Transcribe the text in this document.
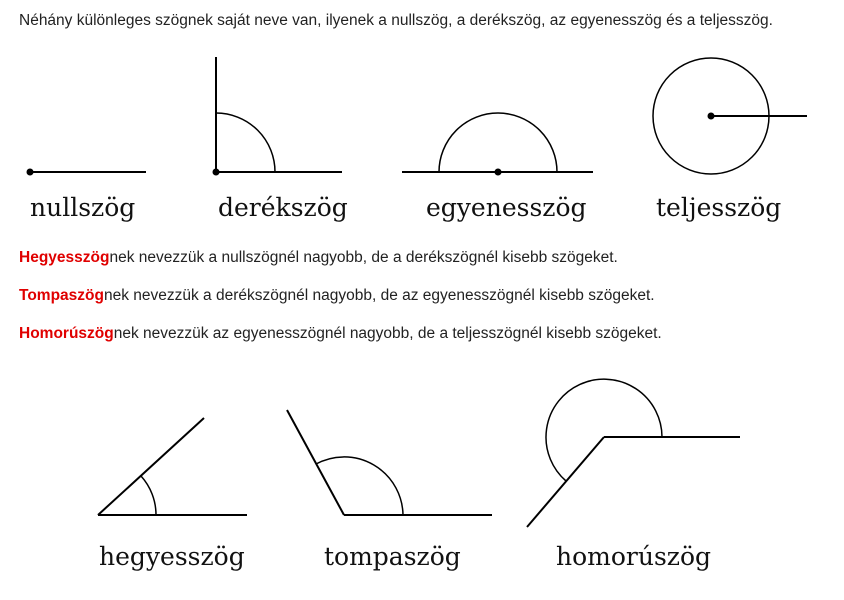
Néhány különleges szögnek saját neve van, ilyenek a nullszög, a derékszög, az egyenesszög és a teljesszög.

nullszög	derékszög	egyenesszög	teljesszög

Hegyesszögnek nevezzük a nullszögnél nagyobb, de a derékszögnél kisebb szögeket.

Tompaszögnek nevezzük a derékszögnél nagyobb, de az egyenesszögnél kisebb szögeket.

Homorúszögnek nevezzük az egyenesszögnél nagyobb, de a teljesszögnél kisebb szögeket.

hegyesszög	tompaszög	homorúszög
